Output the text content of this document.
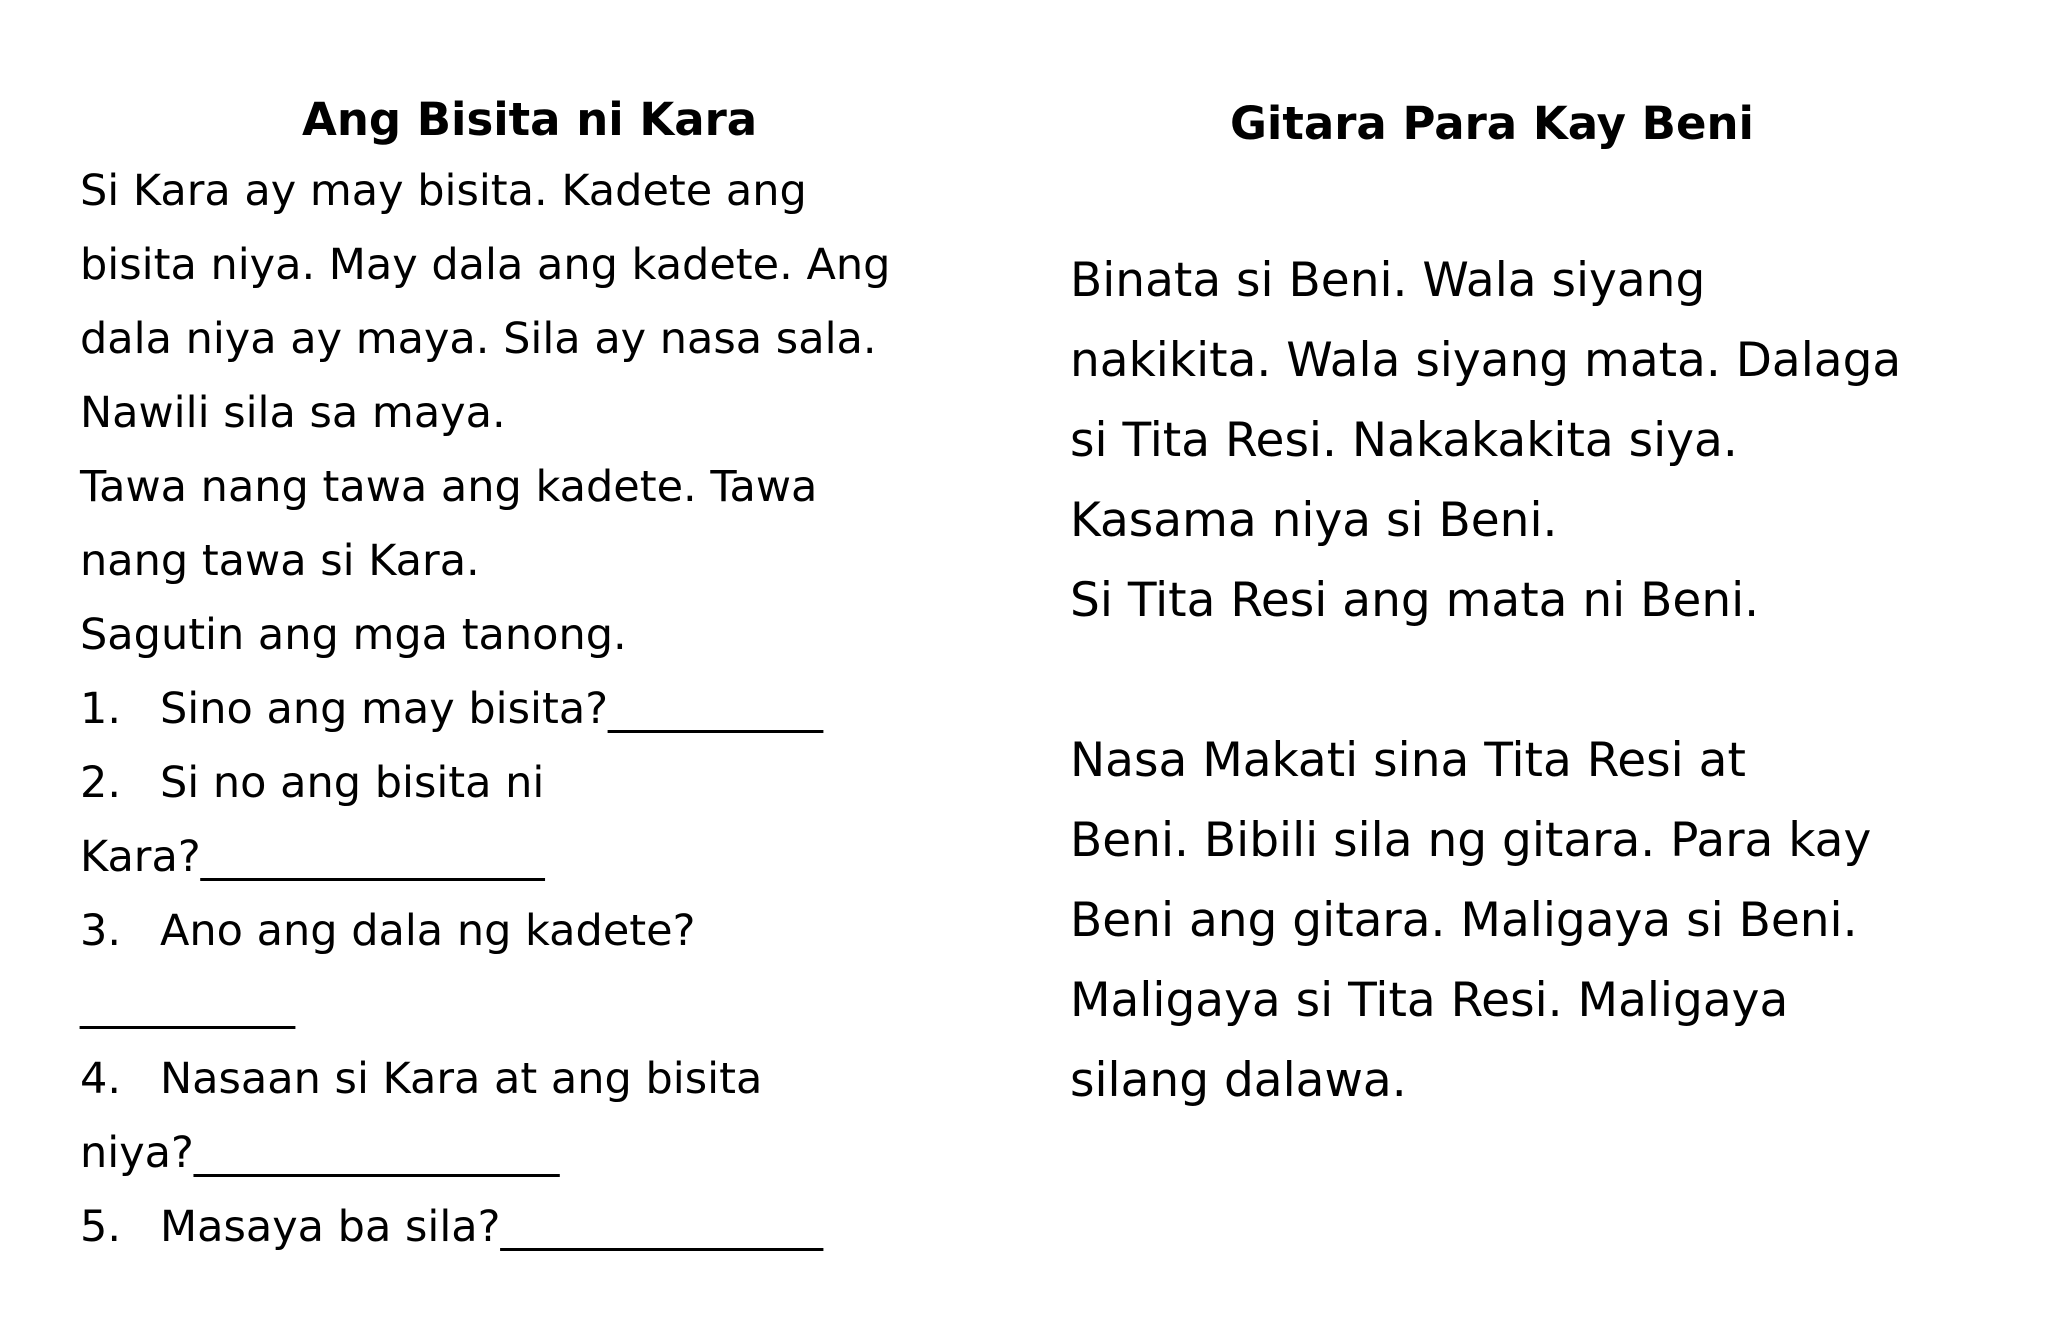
Ang Bisita ni Kara
Si Kara ay may bisita. Kadete ang
bisita niya. May dala ang kadete. Ang
dala niya ay maya. Sila ay nasa sala.
Nawili sila sa maya.
Tawa nang tawa ang kadete. Tawa
nang tawa si Kara.
Sagutin ang mga tanong.
1. Sino ang may bisita?__________
2. Si no ang bisita ni
Kara?________________
3. Ano ang dala ng kadete?
__________
4. Nasaan si Kara at ang bisita
niya?_________________
5. Masaya ba sila?_______________
Gitara Para Kay Beni
Binata si Beni. Wala siyang
nakikita. Wala siyang mata. Dalaga
si Tita Resi. Nakakakita siya.
Kasama niya si Beni.
Si Tita Resi ang mata ni Beni.
Nasa Makati sina Tita Resi at
Beni. Bibili sila ng gitara. Para kay
Beni ang gitara. Maligaya si Beni.
Maligaya si Tita Resi. Maligaya
silang dalawa.
